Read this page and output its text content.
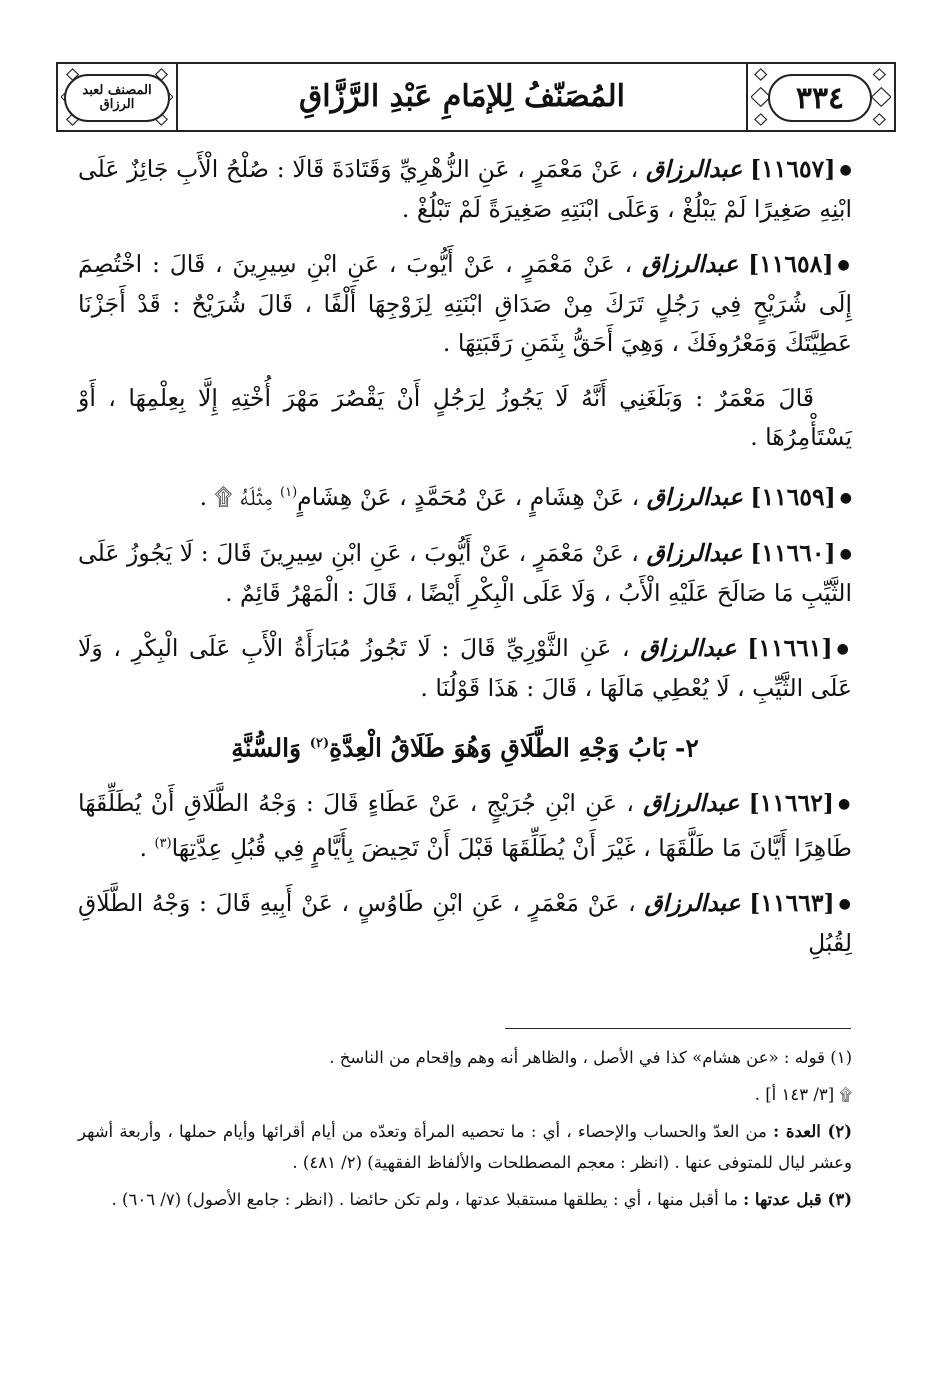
المصنف لعبد الرزاق	المُصَنّفُ لِلإمَامِ عَبْدِ الرَّزَّاقِ	٣٣٤

●[١١٦٥٧] عبدالرزاق ، عَنْ مَعْمَرٍ ، عَنِ الزُّهْرِيِّ وَقَتَادَةَ قَالَا : صُلْحُ الْأَبِ جَائِزٌ عَلَى ابْنِهِ صَغِيرًا لَمْ يَبْلُغْ ، وَعَلَى ابْنَتِهِ صَغِيرَةً لَمْ تَبْلُغْ .

●[١١٦٥٨] عبدالرزاق ، عَنْ مَعْمَرٍ ، عَنْ أَيُّوبَ ، عَنِ ابْنِ سِيرِينَ ، قَالَ : اخْتُصِمَ إِلَى شُرَيْحٍ فِي رَجُلٍ تَرَكَ مِنْ صَدَاقِ ابْنَتِهِ لِزَوْجِهَا أَلْفًا ، قَالَ شُرَيْحٌ : قَدْ أَجَزْنَا عَطِيَّتَكَ وَمَعْرُوفَكَ ، وَهِيَ أَحَقُّ بِثَمَنِ رَقَبَتِهَا .

قَالَ مَعْمَرٌ : وَبَلَغَنِي أَنَّهُ لَا يَجُوزُ لِرَجُلٍ أَنْ يَقْصُرَ مَهْرَ أُخْتِهِ إِلَّا بِعِلْمِهَا ، أَوْ يَسْتَأْمِرُهَا .

●[١١٦٥٩] عبدالرزاق ، عَنْ هِشَامٍ ، عَنْ مُحَمَّدٍ ، عَنْ هِشَامٍ$^{(١)}$ مِثْلَهُ ۩ .

●[١١٦٦٠] عبدالرزاق ، عَنْ مَعْمَرٍ ، عَنْ أَيُّوبَ ، عَنِ ابْنِ سِيرِينَ قَالَ : لَا يَجُوزُ عَلَى الثَّيِّبِ مَا صَالَحَ عَلَيْهِ الْأَبُ ، وَلَا عَلَى الْبِكْرِ أَيْضًا ، قَالَ : الْمَهْرُ قَائِمٌ .

●[١١٦٦١] عبدالرزاق ، عَنِ الثَّوْرِيِّ قَالَ : لَا تَجُوزُ مُبَارَأَةُ الْأَبِ عَلَى الْبِكْرِ ، وَلَا عَلَى الثَّيِّبِ ، لَا يُعْطِي مَالَهَا ، قَالَ : هَذَا قَوْلُنَا .

٢- بَابُ وَجْهِ الطَّلَاقِ وَهُوَ طَلَاقُ الْعِدَّةِ$^{(٢)}$ وَالسُّنَّةِ

●[١١٦٦٢] عبدالرزاق ، عَنِ ابْنِ جُرَيْجٍ ، عَنْ عَطَاءٍ قَالَ : وَجْهُ الطَّلَاقِ أَنْ يُطَلِّقَهَا طَاهِرًا أَيَّانَ مَا طَلَّقَهَا ، غَيْرَ أَنْ يُطَلِّقَهَا قَبْلَ أَنْ تَحِيضَ بِأَيَّامٍ فِي قُبُلِ عِدَّتِهَا$^{(٣)}$ .

●[١١٦٦٣] عبدالرزاق ، عَنْ مَعْمَرٍ ، عَنِ ابْنِ طَاوُسٍ ، عَنْ أَبِيهِ قَالَ : وَجْهُ الطَّلَاقِ لِقُبُلِ

(١) قوله : «عن هشام» كذا في الأصل ، والظاهر أنه وهم وإقحام من الناسخ .

۩ [٣/ ١٤٣ أ] .

(٢) العدة : من العدّ والحساب والإحصاء ، أي : ما تحصيه المرأة وتعدّه من أيام أقرائها وأيام حملها ، وأربعة أشهر وعشر ليال للمتوفى عنها . (انظر : معجم المصطلحات والألفاظ الفقهية) (٢/ ٤٨١) .

(٣) قبل عدتها : ما أقبل منها ، أي : يطلقها مستقبلا عدتها ، ولم تكن حائضا . (انظر : جامع الأصول) (٧/ ٦٠٦) .
